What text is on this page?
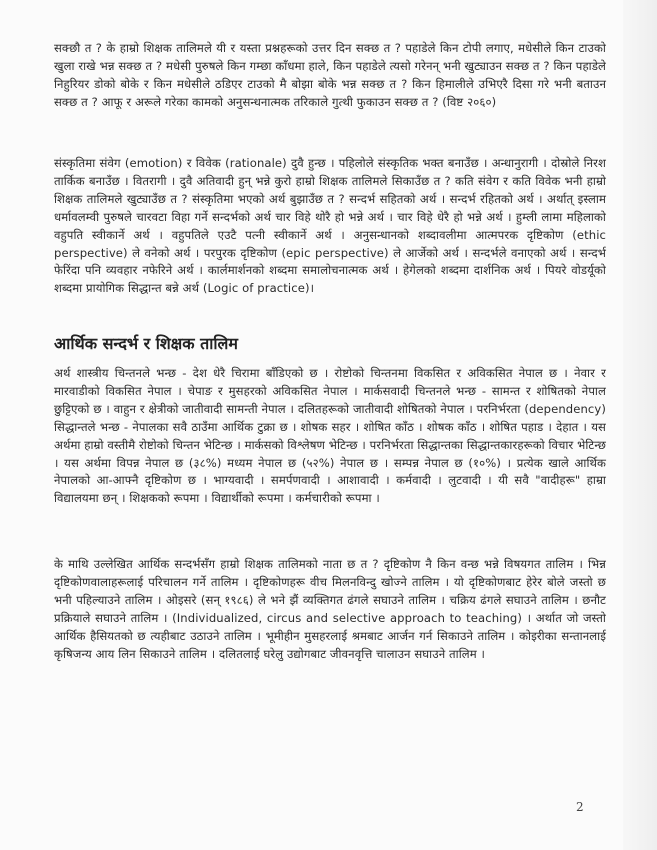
सक्छौ त ? के हाम्रो शिक्षक तालिमले यी र यस्ता प्रश्नहरूको उत्तर दिन सक्छ त ? पहाडेले किन टोपी लगाए, मधेसीले किन टाउको खुला राखे भन्न सक्छ त ? मधेसी पुरुषले किन गम्छा काँधमा हाले, किन पहाडेले त्यसो गरेनन् भनी खुट्याउन सक्छ त ? किन पहाडेले निहुरियर डोको बोके र किन मधेसीले ठडिएर टाउको मै बोझा बोके भन्न सक्छ त ? किन हिमालीले उभिएरै दिसा गरे भनी बताउन सक्छ त ? आफू र अरूले गरेका कामको अनुसन्धनात्मक तरिकाले गुत्थी फुकाउन सक्छ त ? (विष्ट २०६०)

संस्कृतिमा संवेग (emotion) र विवेक (rationale) दुवै हुन्छ । पहिलोले संस्कृतिक भक्त बनाउँछ । अन्धानुरागी । दोस्रोले निरश तार्किक बनाउँछ । वितरागी । दुवै अतिवादी हुन् भन्ने कुरो हाम्रो शिक्षक तालिमले सिकाउँछ त ? कति संवेग र कति विवेक भनी हाम्रो शिक्षक तालिमले खुट्याउँछ त ? संस्कृतिमा भएको अर्थ बुझाउँछ त ? सन्दर्भ सहितको अर्थ । सन्दर्भ रहितको अर्थ । अर्थात् इस्लाम धर्मावलम्वी पुरुषले चारवटा विहा गर्ने सन्दर्भको अर्थ चार विहे थोरै हो भन्ने अर्थ । चार विहे धेरै हो भन्ने अर्थ । हुम्ली लामा महिलाको वहुपति स्वीकार्ने अर्थ । वहुपतिले एउटै पत्नी स्वीकार्ने अर्थ । अनुसन्धानको शब्दावलीमा आत्मपरक दृष्टिकोण (ethic perspective) ले वनेको अर्थ । परपुरक दृष्टिकोण (epic perspective) ले आर्जेको अर्थ । सन्दर्भले वनाएको अर्थ । सन्दर्भ फेरिंदा पनि व्यवहार नफेरिने अर्थ । कार्लमार्शनको शब्दमा समालोचनात्मक अर्थ । हेगेलको शब्दमा दार्शनिक अर्थ । पियरे वोडर्यूको शब्दमा प्रायोगिक सिद्धान्त बन्ने अर्थ (Logic of practice)।

आर्थिक सन्दर्भ र शिक्षक तालिम

अर्थ शास्त्रीय चिन्तनले भन्छ - देश धेरै चिरामा बाँडिएको छ । रोष्टोको चिन्तनमा विकसित र अविकसित नेपाल छ । नेवार र मारवाडीको विकसित नेपाल । चेपाङ र मुसहरको अविकसित नेपाल । मार्कसवादी चिन्तनले भन्छ - सामन्त र शोषितको नेपाल छुट्टिएको छ । वाहुन र क्षेत्रीको जातीवादी सामन्ती नेपाल । दलितहरूको जातीवादी शोषितको नेपाल । परनिर्भरता (dependency) सिद्धान्तले भन्छ - नेपालका सवै ठाउँमा आर्थिक टुक्रा छ । शोषक सहर । शोषित काँठ । शोषक काँठ । शोषित पहाड । देहात । यस अर्थमा हाम्रो वस्तीमै रोष्टोको चिन्तन भेटिन्छ । मार्कसको विश्लेषण भेटिन्छ । परनिर्भरता सिद्धान्तका सिद्धान्तकारहरूको विचार भेटिन्छ । यस अर्थमा विपन्न नेपाल छ (३८%) मध्यम नेपाल छ (५२%) नेपाल छ । सम्पन्न नेपाल छ (१०%) । प्रत्येक खाले आर्थिक नेपालको आ-आफ्नै दृष्टिकोण छ । भाग्यवादी । समर्पणवादी । आशावादी । कर्मवादी । लुटवादी । यी सवै "वादीहरू" हाम्रा विद्यालयमा छन् । शिक्षकको रूपमा । विद्यार्थीको रूपमा । कर्मचारीको रूपमा ।

के माथि उल्लेखित आर्थिक सन्दर्भसँग हाम्रो शिक्षक तालिमको नाता छ त ? दृष्टिकोण नै किन वन्छ भन्ने विषयगत तालिम । भिन्न दृष्टिकोणवालाहरूलाई परिचालन गर्ने तालिम । दृष्टिकोणहरू वीच मिलनविन्दु खोज्ने तालिम । यो दृष्टिकोणबाट हेरेर बोले जस्तो छ भनी पहिल्याउने तालिम । ओइसरे (सन् १९८६) ले भने झैं व्यक्तिगत ढंगले सघाउने तालिम । चक्रिय ढंगले सघाउने तालिम । छनौट प्रक्रियाले सघाउने तालिम । (Individualized, circus and selective approach to teaching) । अर्थात जो जस्तो आर्थिक हैसियतको छ त्यहीबाट उठाउने तालिम । भूमीहीन मुसहरलाई श्रमबाट आर्जन गर्न सिकाउने तालिम । कोइरीका सन्तानलाई कृषिजन्य आय लिन सिकाउने तालिम । दलितलाई घरेलु उद्योगबाट जीवनवृत्ति चालाउन सघाउने तालिम ।

2
